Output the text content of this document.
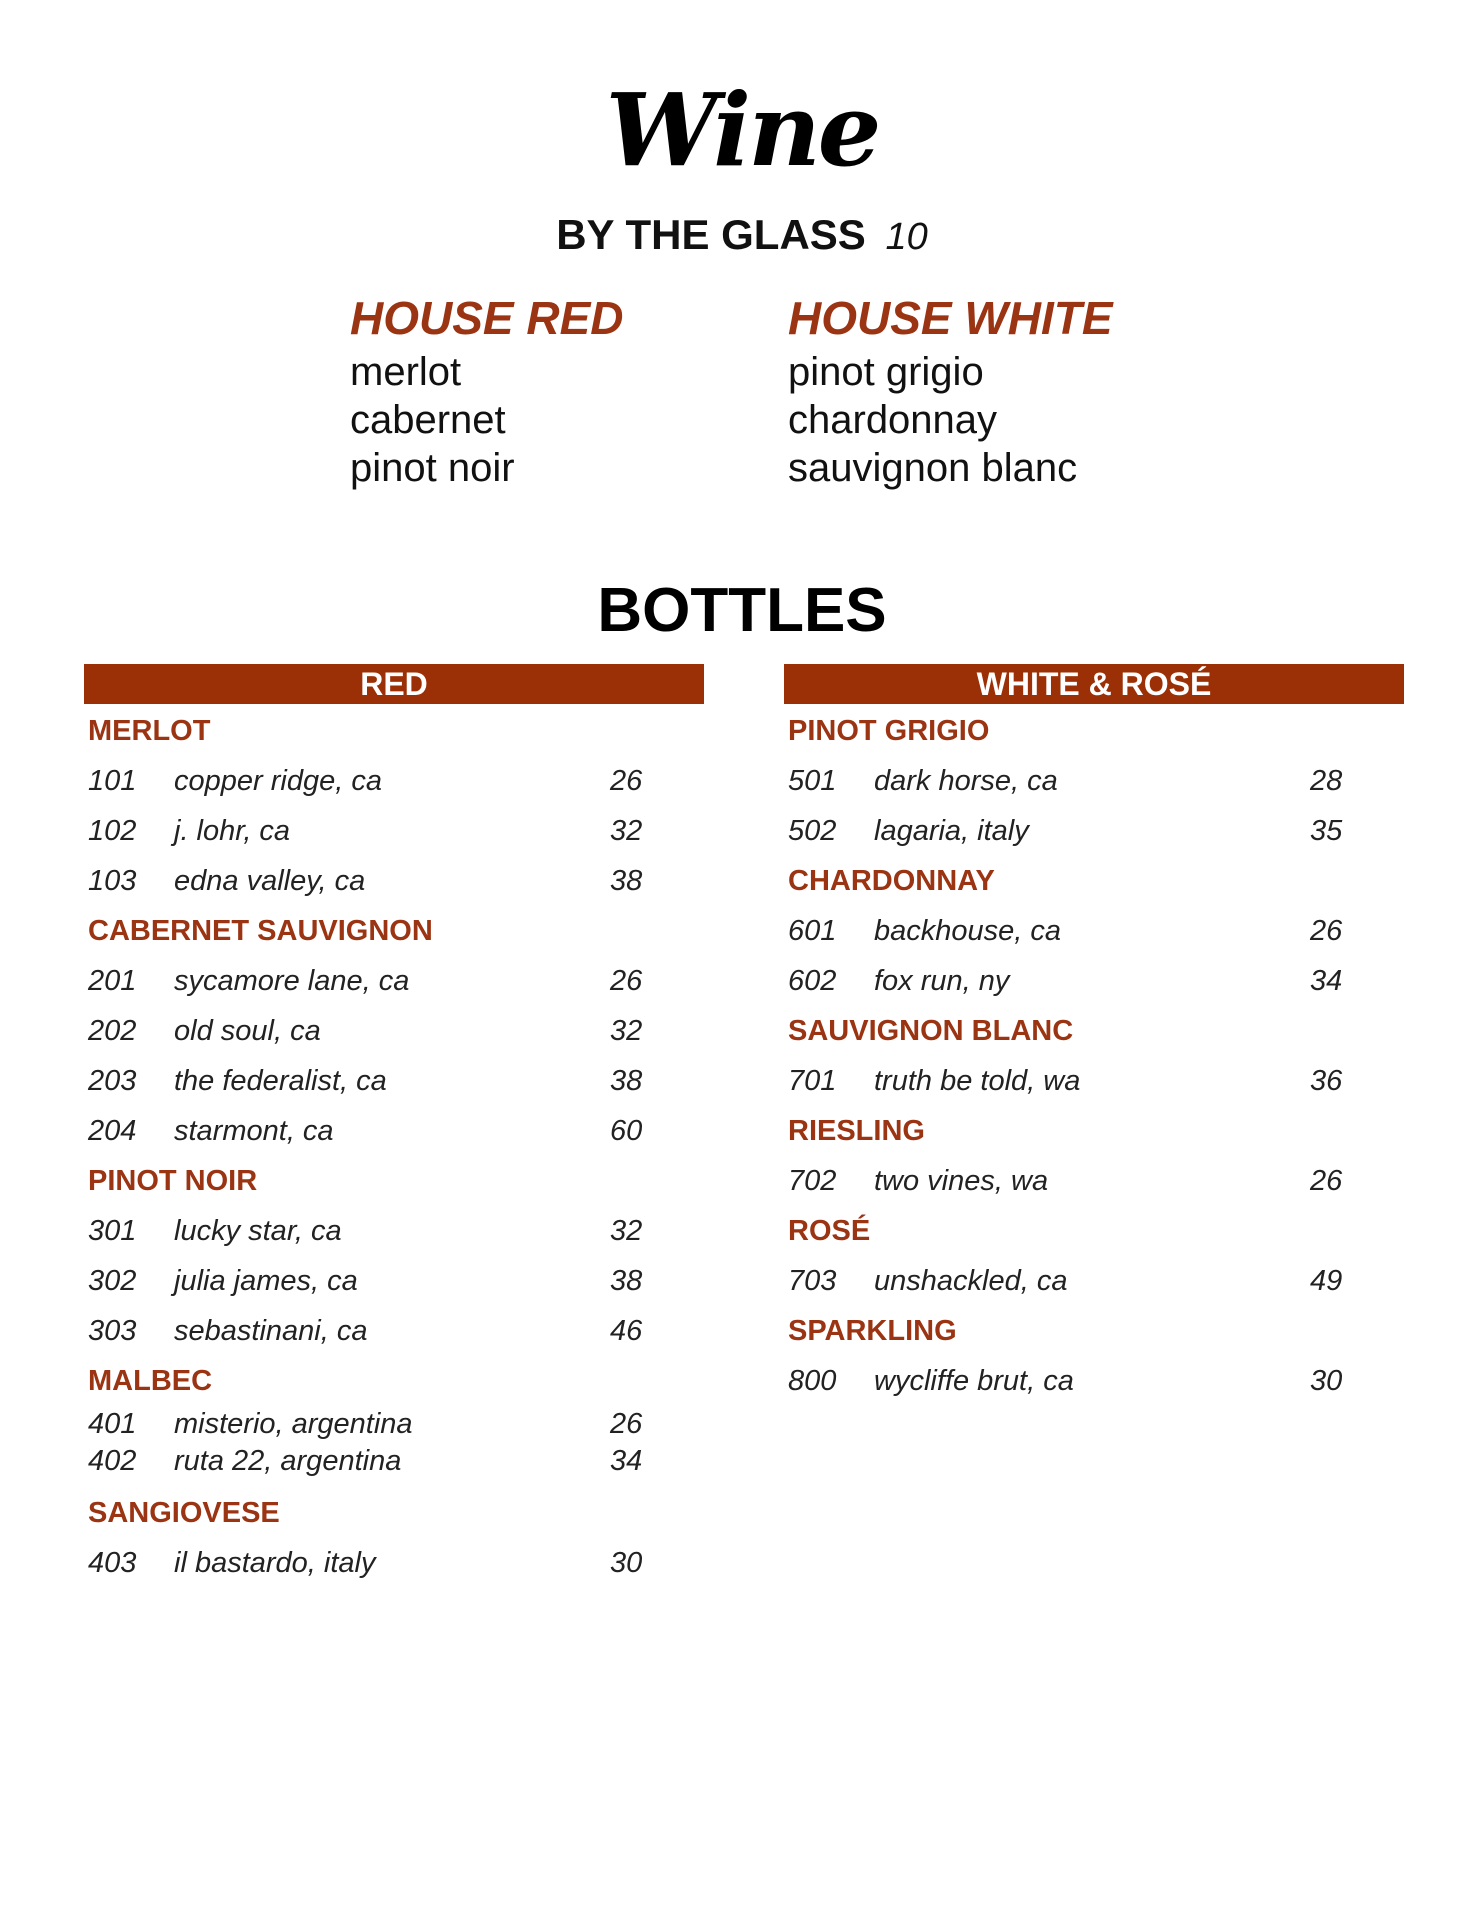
Wine
BY THE GLASS 10
HOUSE RED
merlot
cabernet
pinot noir
HOUSE WHITE
pinot grigio
chardonnay
sauvignon blanc
BOTTLES
RED
MERLOT
101 copper ridge, ca	26
102 j. lohr, ca	32
103 edna valley, ca	38
CABERNET SAUVIGNON
201 sycamore lane, ca	26
202 old soul, ca	32
203 the federalist, ca	38
204 starmont, ca	60
PINOT NOIR
301 lucky star, ca	32
302 julia james, ca	38
303 sebastinani, ca	46
MALBEC
401 misterio, argentina	26
402 ruta 22, argentina	34
SANGIOVESE
403 il bastardo, italy	30
WHITE & ROSÉ
PINOT GRIGIO
501 dark horse, ca	28
502 lagaria, italy	35
CHARDONNAY
601 backhouse, ca	26
602 fox run, ny	34
SAUVIGNON BLANC
701 truth be told, wa	36
RIESLING
702 two vines, wa	26
ROSÉ
703 unshackled, ca	49
SPARKLING
800 wycliffe brut, ca	30
